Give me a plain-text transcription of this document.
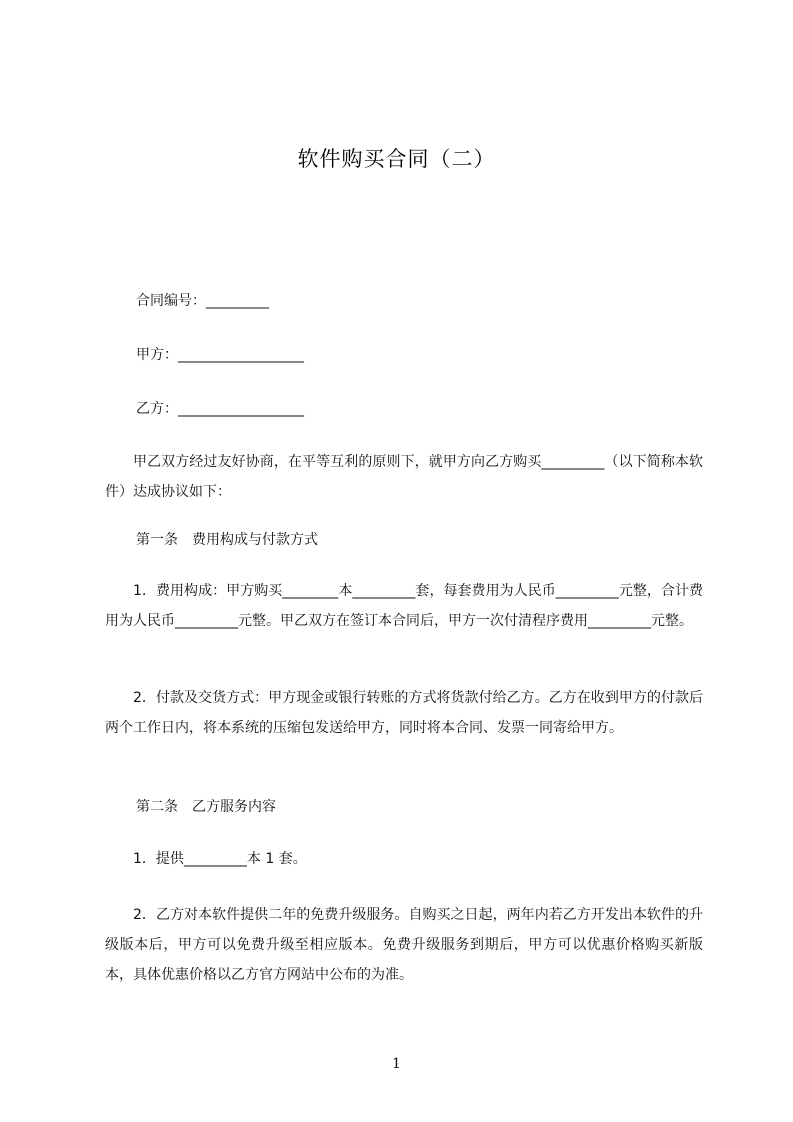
软件购买合同（二）
合同编号：_________
甲方：__________________
乙方：__________________
甲乙双方经过友好协商，在平等互利的原则下，就甲方向乙方购买_________（以下简称本软件）达成协议如下：
第一条　费用构成与付款方式
1．费用构成：甲方购买________本_________套，每套费用为人民币_________元整，合计费用为人民币_________元整。甲乙双方在签订本合同后，甲方一次付清程序费用_________元整。
2．付款及交货方式：甲方现金或银行转账的方式将货款付给乙方。乙方在收到甲方的付款后两个工作日内，将本系统的压缩包发送给甲方，同时将本合同、发票一同寄给甲方。
第二条　乙方服务内容
1．提供_________本 1 套。
2．乙方对本软件提供二年的免费升级服务。自购买之日起，两年内若乙方开发出本软件的升级版本后，甲方可以免费升级至相应版本。免费升级服务到期后，甲方可以优惠价格购买新版本，具体优惠价格以乙方官方网站中公布的为准。
1
